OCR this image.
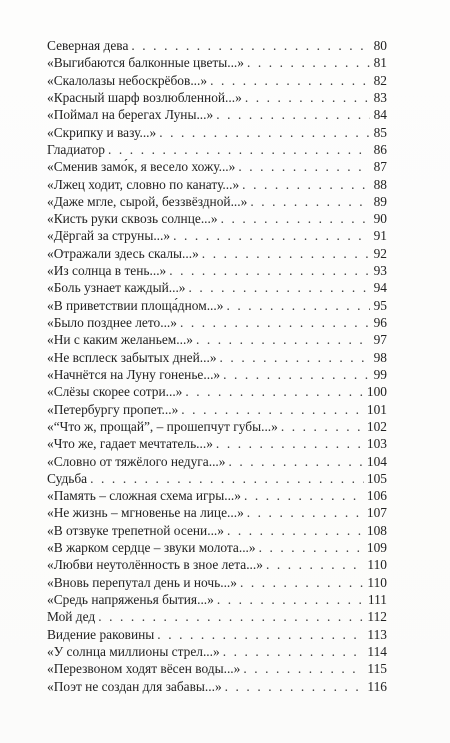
Северная дева . . .	80
«Выгибаются балконные цветы...» . . .	81
«Скалолазы небоскрёбов...» . . .	82
«Красный шарф возлюбленной...» . . .	83
«Поймал на берегах Луны...» . . .	84
«Скрипку и вазу...» . . .	85
Гладиатор . . .	86
«Сменив замо́к, я весело хожу...» . . .	87
«Лжец ходит, словно по канату...» . . .	88
«Даже мгле, сырой, беззвёздной...» . . .	89
«Кисть руки сквозь солнце...» . . .	90
«Дёргай за струны...» . . .	91
«Отражали здесь скалы...» . . .	92
«Из солнца в тень...» . . .	93
«Боль узнает каждый...» . . .	94
«В приветствии площа́дном...» . . .	95
«Было позднее лето...» . . .	96
«Ни с каким желаньем...» . . .	97
«Не всплеск забытых дней...» . . .	98
«Начнётся на Луну гоненье...» . . .	99
«Слёзы скорее сотри...» . . .	100
«Петербургу пропет...» . . .	101
«“Что ж, прощай”, – прошепчут губы...» . . .	102
«Что же, гадает мечтатель...» . . .	103
«Словно от тяжёлого недуга...» . . .	104
Судьба . . .	105
«Память – сложная схема игры...» . . .	106
«Не жизнь – мгновенье на лице...» . . .	107
«В отзвуке трепетной осени...» . . .	108
«В жарком сердце – звуки молота...» . . .	109
«Любви неутолённость в зное лета...» . . .	110
«Вновь перепутал день и ночь...» . . .	110
«Средь напряженья бытия...» . . .	111
Мой дед . . .	112
Видение раковины . . .	113
«У солнца миллионы стрел...» . . .	114
«Перезвоном ходят вёсен воды...» . . .	115
«Поэт не создан для забавы...» . . .	116
